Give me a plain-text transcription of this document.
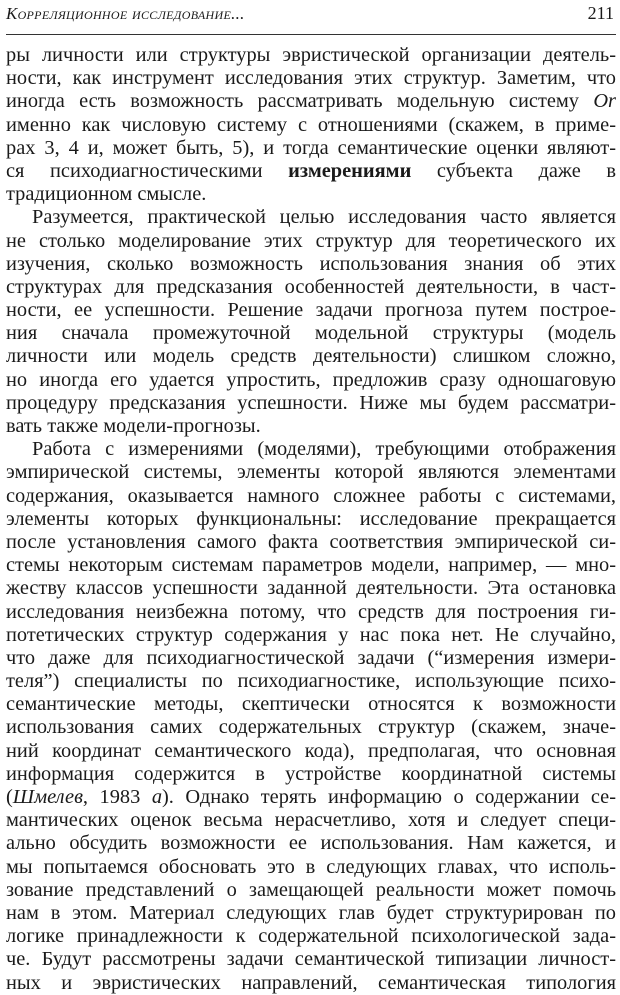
Корреляционное исследование...	211
ры личности или структуры эвристической организации деятель-
ности, как инструмент исследования этих структур. Заметим, что
иногда есть возможность рассматривать модельную систему Or
именно как числовую систему с отношениями (скажем, в приме-
рах 3, 4 и, может быть, 5), и тогда семантические оценки являют-
ся психодиагностическими измерениями субъекта даже в
традиционном смысле.
Разумеется, практической целью исследования часто является
не столько моделирование этих структур для теоретического их
изучения, сколько возможность использования знания об этих
структурах для предсказания особенностей деятельности, в част-
ности, ее успешности. Решение задачи прогноза путем построе-
ния сначала промежуточной модельной структуры (модель
личности или модель средств деятельности) слишком сложно,
но иногда его удается упростить, предложив сразу одношаговую
процедуру предсказания успешности. Ниже мы будем рассматри-
вать также модели-прогнозы.
Работа с измерениями (моделями), требующими отображения
эмпирической системы, элементы которой являются элементами
содержания, оказывается намного сложнее работы с системами,
элементы которых функциональны: исследование прекращается
после установления самого факта соответствия эмпирической си-
стемы некоторым системам параметров модели, например, — мно-
жеству классов успешности заданной деятельности. Эта остановка
исследования неизбежна потому, что средств для построения ги-
потетических структур содержания у нас пока нет. Не случайно,
что даже для психодиагностической задачи (“измерения измери-
теля”) специалисты по психодиагностике, использующие психо-
семантические методы, скептически относятся к возможности
использования самих содержательных структур (скажем, значе-
ний координат семантического кода), предполагая, что основная
информация содержится в устройстве координатной системы
(Шмелев, 1983 а). Однако терять информацию о содержании се-
мантических оценок весьма нерасчетливо, хотя и следует специ-
ально обсудить возможности ее использования. Нам кажется, и
мы попытаемся обосновать это в следующих главах, что исполь-
зование представлений о замещающей реальности может помочь
нам в этом. Материал следующих глав будет структурирован по
логике принадлежности к содержательной психологической зада-
че. Будут рассмотрены задачи семантической типизации личност-
ных и эвристических направлений, семантическая типология
